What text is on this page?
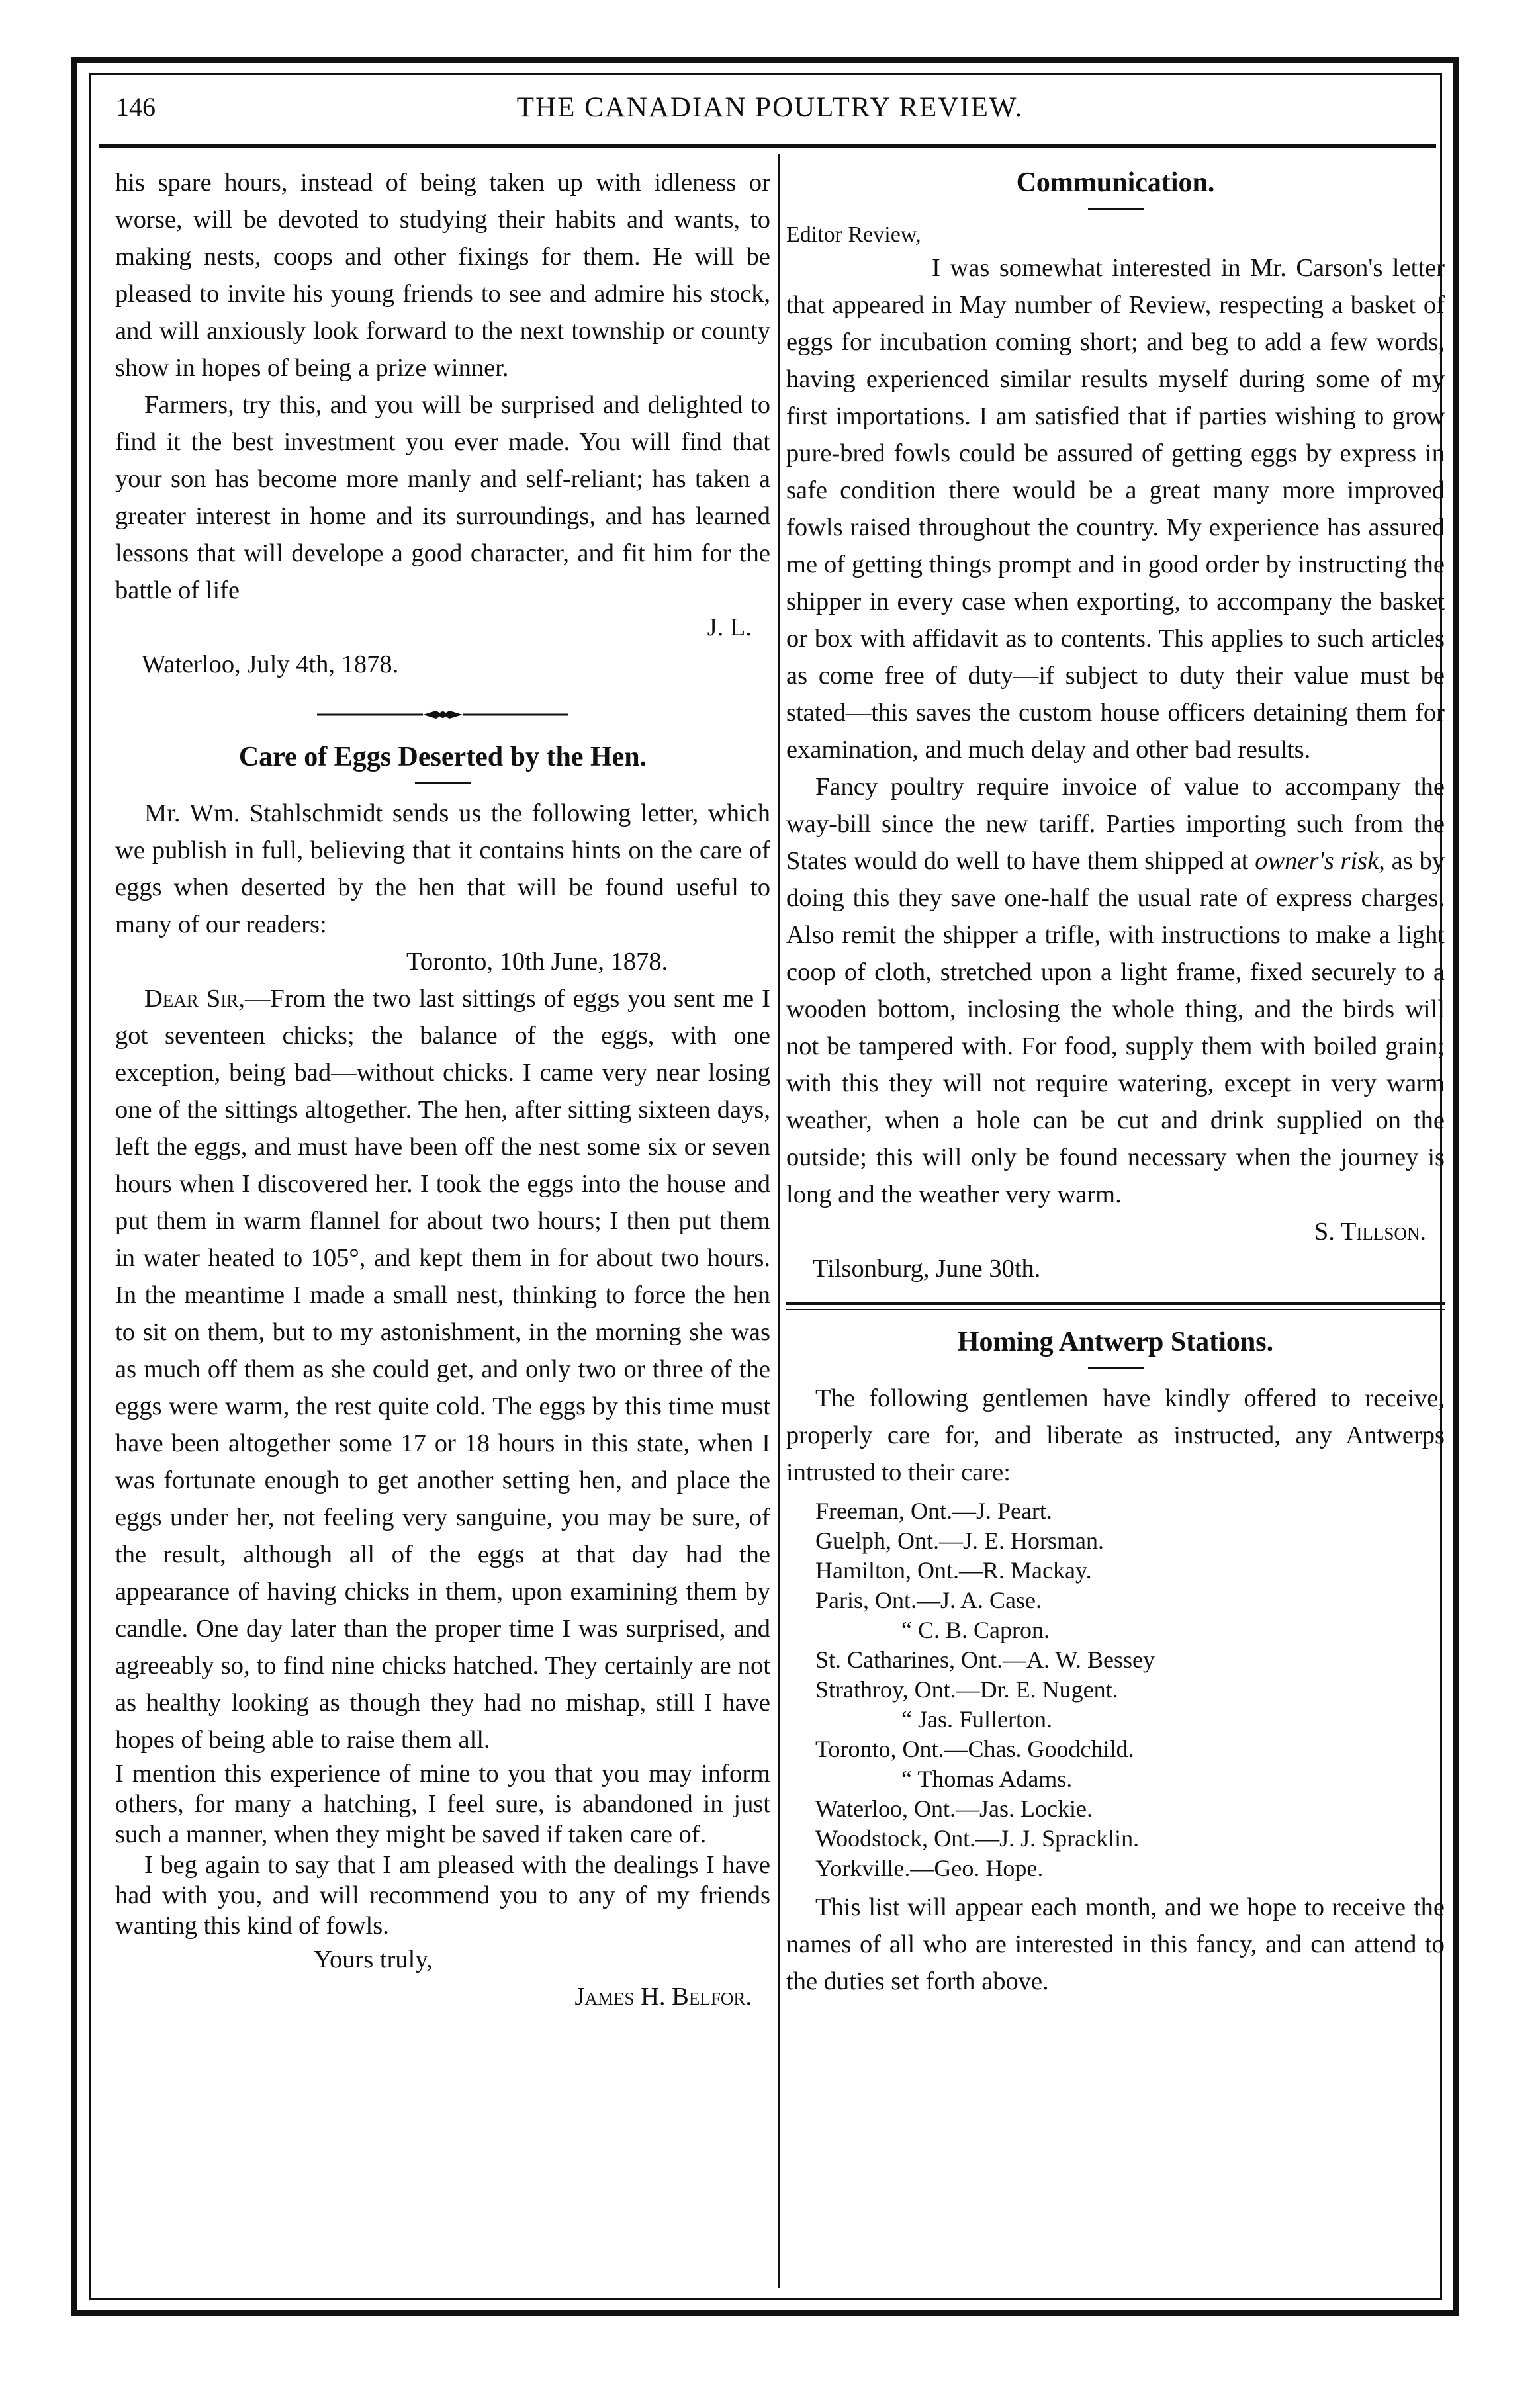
146	THE CANADIAN POULTRY REVIEW.

his spare hours, instead of being taken up with idleness or worse, will be devoted to studying their habits and wants, to making nests, coops and other fixings for them. He will be pleased to invite his young friends to see and admire his stock, and will anxiously look forward to the next township or county show in hopes of being a prize winner.

Farmers, try this, and you will be surprised and delighted to find it the best investment you ever made. You will find that your son has become more manly and self-reliant; has taken a greater interest in home and its surroundings, and has learned lessons that will develope a good character, and fit him for the battle of life

J. L.

Waterloo, July 4th, 1878.

Care of Eggs Deserted by the Hen.

Mr. Wm. Stahlschmidt sends us the following letter, which we publish in full, believing that it contains hints on the care of eggs when deserted by the hen that will be found useful to many of our readers:

Toronto, 10th June, 1878.

Dear Sir,—From the two last sittings of eggs you sent me I got seventeen chicks; the balance of the eggs, with one exception, being bad—without chicks. I came very near losing one of the sittings altogether. The hen, after sitting sixteen days, left the eggs, and must have been off the nest some six or seven hours when I discovered her. I took the eggs into the house and put them in warm flannel for about two hours; I then put them in water heated to 105°, and kept them in for about two hours. In the meantime I made a small nest, thinking to force the hen to sit on them, but to my astonishment, in the morning she was as much off them as she could get, and only two or three of the eggs were warm, the rest quite cold. The eggs by this time must have been altogether some 17 or 18 hours in this state, when I was fortunate enough to get another setting hen, and place the eggs under her, not feeling very sanguine, you may be sure, of the result, although all of the eggs at that day had the appearance of having chicks in them, upon examining them by candle. One day later than the proper time I was surprised, and agreeably so, to find nine chicks hatched. They certainly are not as healthy looking as though they had no mishap, still I have hopes of being able to raise them all.

I mention this experience of mine to you that you may inform others, for many a hatching, I feel sure, is abandoned in just such a manner, when they might be saved if taken care of.

I beg again to say that I am pleased with the dealings I have had with you, and will recommend you to any of my friends wanting this kind of fowls.

Yours truly,

James H. Belfor.

Communication.

Editor Review,

I was somewhat interested in Mr. Carson's letter that appeared in May number of Review, respecting a basket of eggs for incubation coming short; and beg to add a few words, having experienced similar results myself during some of my first importations. I am satisfied that if parties wishing to grow pure-bred fowls could be assured of getting eggs by express in safe condition there would be a great many more improved fowls raised throughout the country. My experience has assured me of getting things prompt and in good order by instructing the shipper in every case when exporting, to accompany the basket or box with affidavit as to contents. This applies to such articles as come free of duty—if subject to duty their value must be stated—this saves the custom house officers detaining them for examination, and much delay and other bad results.

Fancy poultry require invoice of value to accompany the way-bill since the new tariff. Parties importing such from the States would do well to have them shipped at owner's risk, as by doing this they save one-half the usual rate of express charges. Also remit the shipper a trifle, with instructions to make a light coop of cloth, stretched upon a light frame, fixed securely to a wooden bottom, inclosing the whole thing, and the birds will not be tampered with. For food, supply them with boiled grain; with this they will not require watering, except in very warm weather, when a hole can be cut and drink supplied on the outside; this will only be found necessary when the journey is long and the weather very warm.

S. Tillson.

Tilsonburg, June 30th.

Homing Antwerp Stations.

The following gentlemen have kindly offered to receive, properly care for, and liberate as instructed, any Antwerps intrusted to their care:

Freeman, Ont.—J. Peart.
Guelph, Ont.—J. E. Horsman.
Hamilton, Ont.—R. Mackay.
Paris, Ont.—J. A. Case.
“ C. B. Capron.
St. Catharines, Ont.—A. W. Bessey
Strathroy, Ont.—Dr. E. Nugent.
“ Jas. Fullerton.
Toronto, Ont.—Chas. Goodchild.
“ Thomas Adams.
Waterloo, Ont.—Jas. Lockie.
Woodstock, Ont.—J. J. Spracklin.
Yorkville.—Geo. Hope.

This list will appear each month, and we hope to receive the names of all who are interested in this fancy, and can attend to the duties set forth above.
